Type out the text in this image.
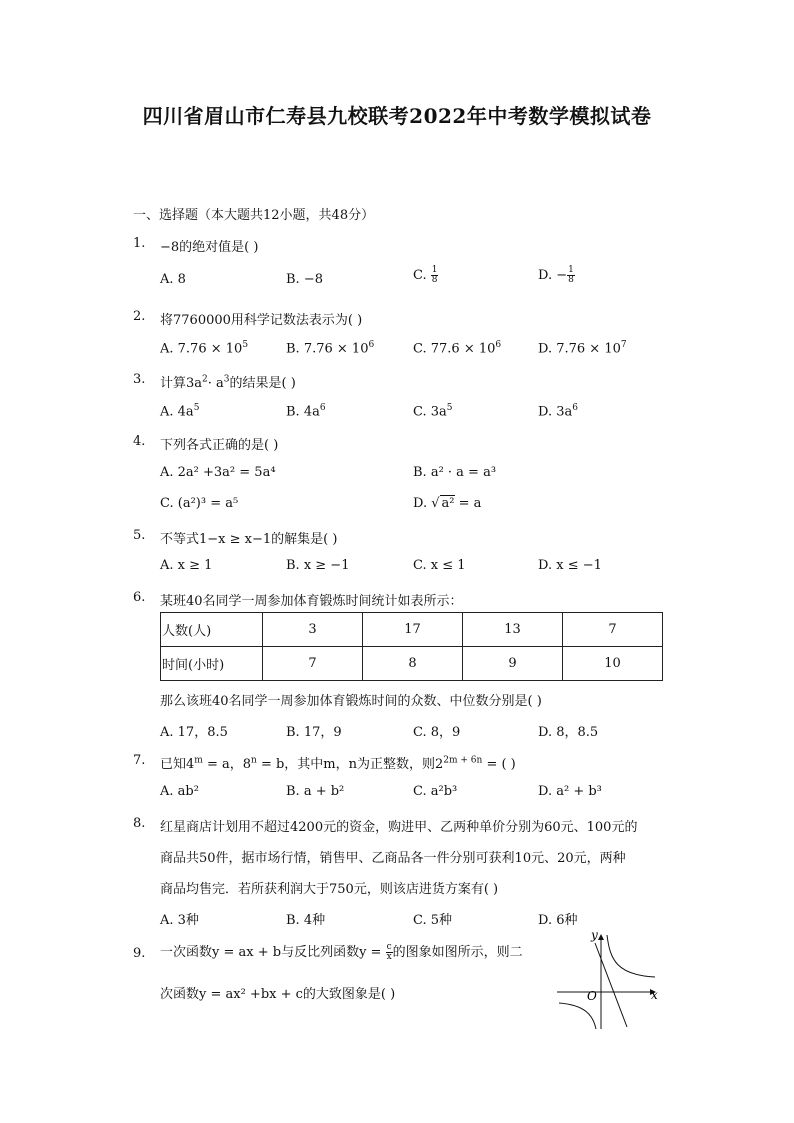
四川省眉山市仁寿县九校联考2022年中考数学模拟试卷
一、选择题（本大题共12小题，共48分）
1. −8的绝对值是( )
A. 8	B. −8	C. $\frac{1}{8}$	D. − $\frac{1}{8}$
2. 将7760000用科学记数法表示为( )
A. $7.76 \times 10^5$	B. $7.76 \times 10^6$	C. $77.6 \times 10^6$	D. $7.76 \times 10^7$
3. 计算$3a^2\cdot a^3$的结果是( )
A. $4a^5$	B. $4a^6$	C. $3a^5$	D. $3a^6$
4. 下列各式正确的是( )
A. 2a² +3a² = 5a⁴	B. a² · a = a³
C. (a²)³ = a⁵	D. √ a² = a
5. 不等式1−x ≥ x−1的解集是( )
A. x ≥ 1	B. x ≥ −1	C. x ≤ 1	D. x ≤ −1
6. 某班40名同学一周参加体育锻炼时间统计如表所示：
人数(人)	3	17	13	7
时间(小时)	7	8	9	10
那么该班40名同学一周参加体育锻炼时间的众数、中位数分别是( )
A. 17，8.5	B. 17，9	C. 8，9	D. 8，8.5
7. 已知$4^m = a$，$8^n = b$，其中m，n为正整数，则$2^{2m + 6n}$ = ( )
A. ab²	B. a + b²	C. a²b³	D. a² + b³
8. 红星商店计划用不超过4200元的资金，购进甲、乙两种单价分别为60元、100元的
商品共50件，据市场行情，销售甲、乙商品各一件分别可获利10元、20元，两种
商品均售完．若所获利润大于750元，则该店进货方案有( )
A. 3种	B. 4种	C. 5种	D. 6种
9. 一次函数y = ax + b与反比列函数$y = \frac{c}{x}$ 的图象如图所示，则二
次函数y = ax² +bx + c的大致图象是( )
y
x
O
